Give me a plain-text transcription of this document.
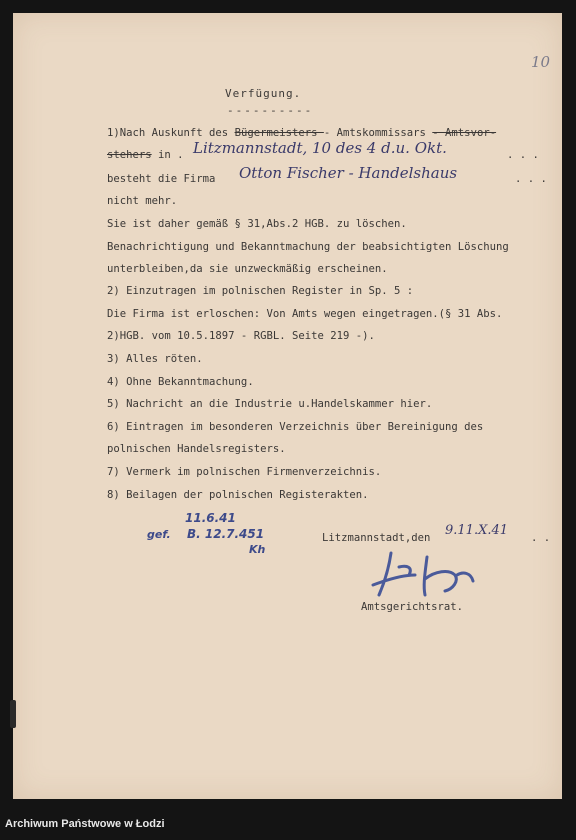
10
Verfügung.
----------
1)Nach Auskunft des Bügermeisters - Amtskommissars - Amtsvor-
stehers in . Litzmannstadt, 10 des 4 d.u. Okt.	. . .
besteht die Firma Otton Fischer - Handelshaus	. . .
nicht mehr.
Sie ist daher gemäß § 31,Abs.2 HGB. zu löschen.
Benachrichtigung und Bekanntmachung der beabsichtigten Löschung
unterbleiben,da sie unzweckmäßig erscheinen.
2) Einzutragen im polnischen Register in Sp. 5 :
Die Firma ist erloschen: Von Amts wegen eingetragen.(§ 31 Abs.
2)HGB. vom 10.5.1897 - RGBL. Seite 219 -).
3) Alles röten.
4) Ohne Bekanntmachung.
5) Nachricht an die Industrie u.Handelskammer hier.
6) Eintragen im besonderen Verzeichnis über Bereinigung des
polnischen Handelsregisters.
7) Vermerk im polnischen Firmenverzeichnis.
8) Beilagen der polnischen Registerakten.
11.6.41
gef. B. 12.7.451
Kh
Litzmannstadt,den 9.11.X.41 . .
Amtsgerichtsrat.
Archiwum Państwowe w Łodzi
